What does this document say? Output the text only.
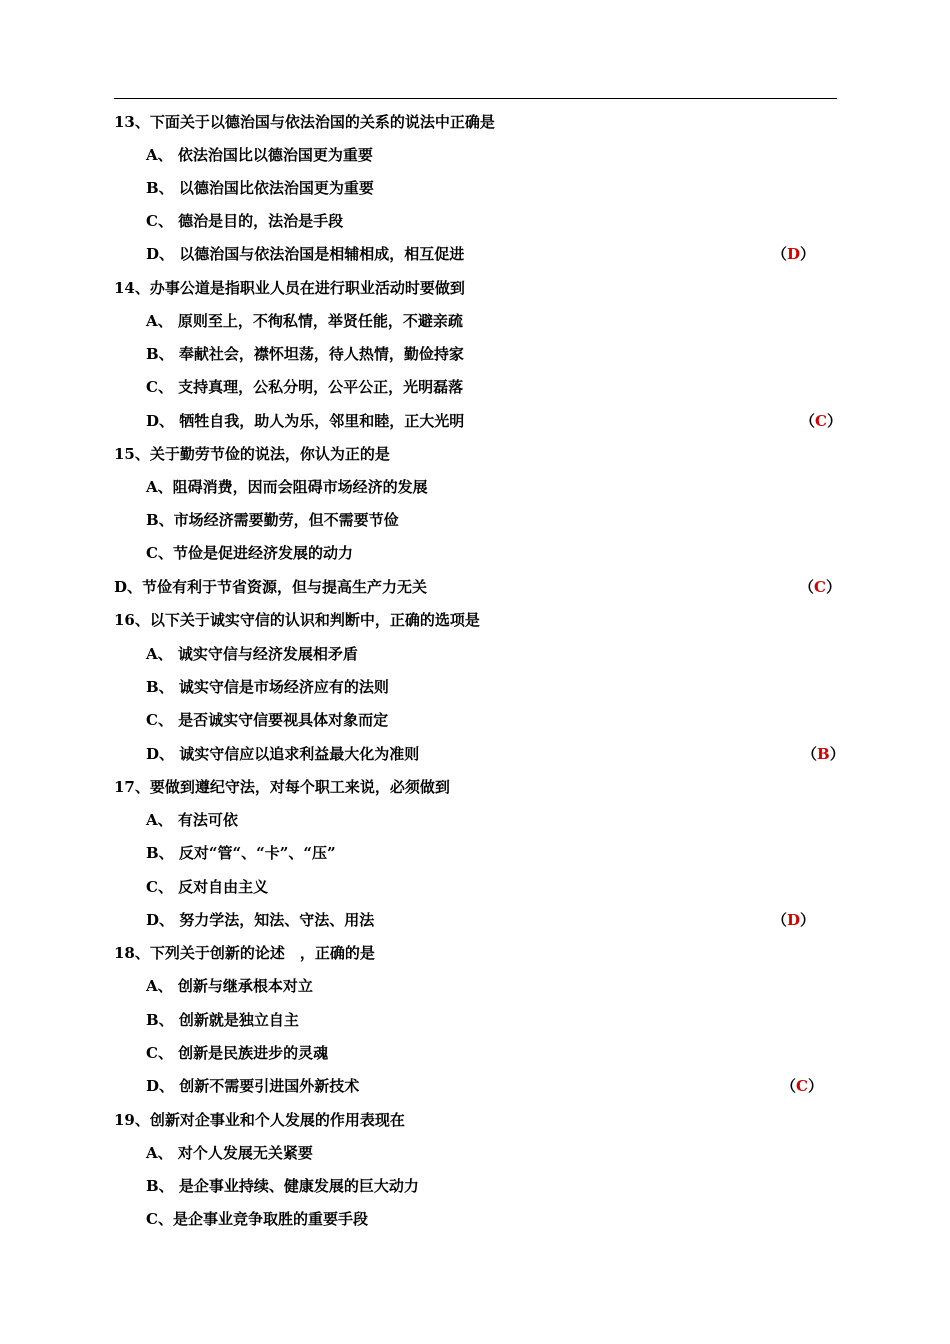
13、下面关于以德治国与依法治国的关系的说法中正确是
A、 依法治国比以德治国更为重要
B、 以德治国比依法治国更为重要
C、 德治是目的，法治是手段
D、 以德治国与依法治国是相辅相成，相互促进	（D）
14、办事公道是指职业人员在进行职业活动时要做到
A、 原则至上，不徇私情，举贤任能，不避亲疏
B、 奉献社会，襟怀坦荡，待人热情，勤俭持家
C、 支持真理，公私分明，公平公正，光明磊落
D、 牺牲自我，助人为乐，邻里和睦，正大光明	（C）
15、关于勤劳节俭的说法，你认为正的是
A、阻碍消费，因而会阻碍市场经济的发展
B、市场经济需要勤劳，但不需要节俭
C、节俭是促进经济发展的动力
D、节俭有利于节省资源，但与提高生产力无关	（C）
16、以下关于诚实守信的认识和判断中，正确的选项是
A、 诚实守信与经济发展相矛盾
B、 诚实守信是市场经济应有的法则
C、 是否诚实守信要视具体对象而定
D、 诚实守信应以追求利益最大化为准则	（B）
17、要做到遵纪守法，对每个职工来说，必须做到
A、 有法可依
B、 反对“管“、“卡”、“压”
C、 反对自由主义
D、 努力学法，知法、守法、用法	（D）
18、下列关于创新的论述　，正确的是
A、 创新与继承根本对立
B、 创新就是独立自主
C、 创新是民族进步的灵魂
D、 创新不需要引进国外新技术	（C）
19、创新对企事业和个人发展的作用表现在
A、 对个人发展无关紧要
B、 是企事业持续、健康发展的巨大动力
C、是企事业竞争取胜的重要手段
